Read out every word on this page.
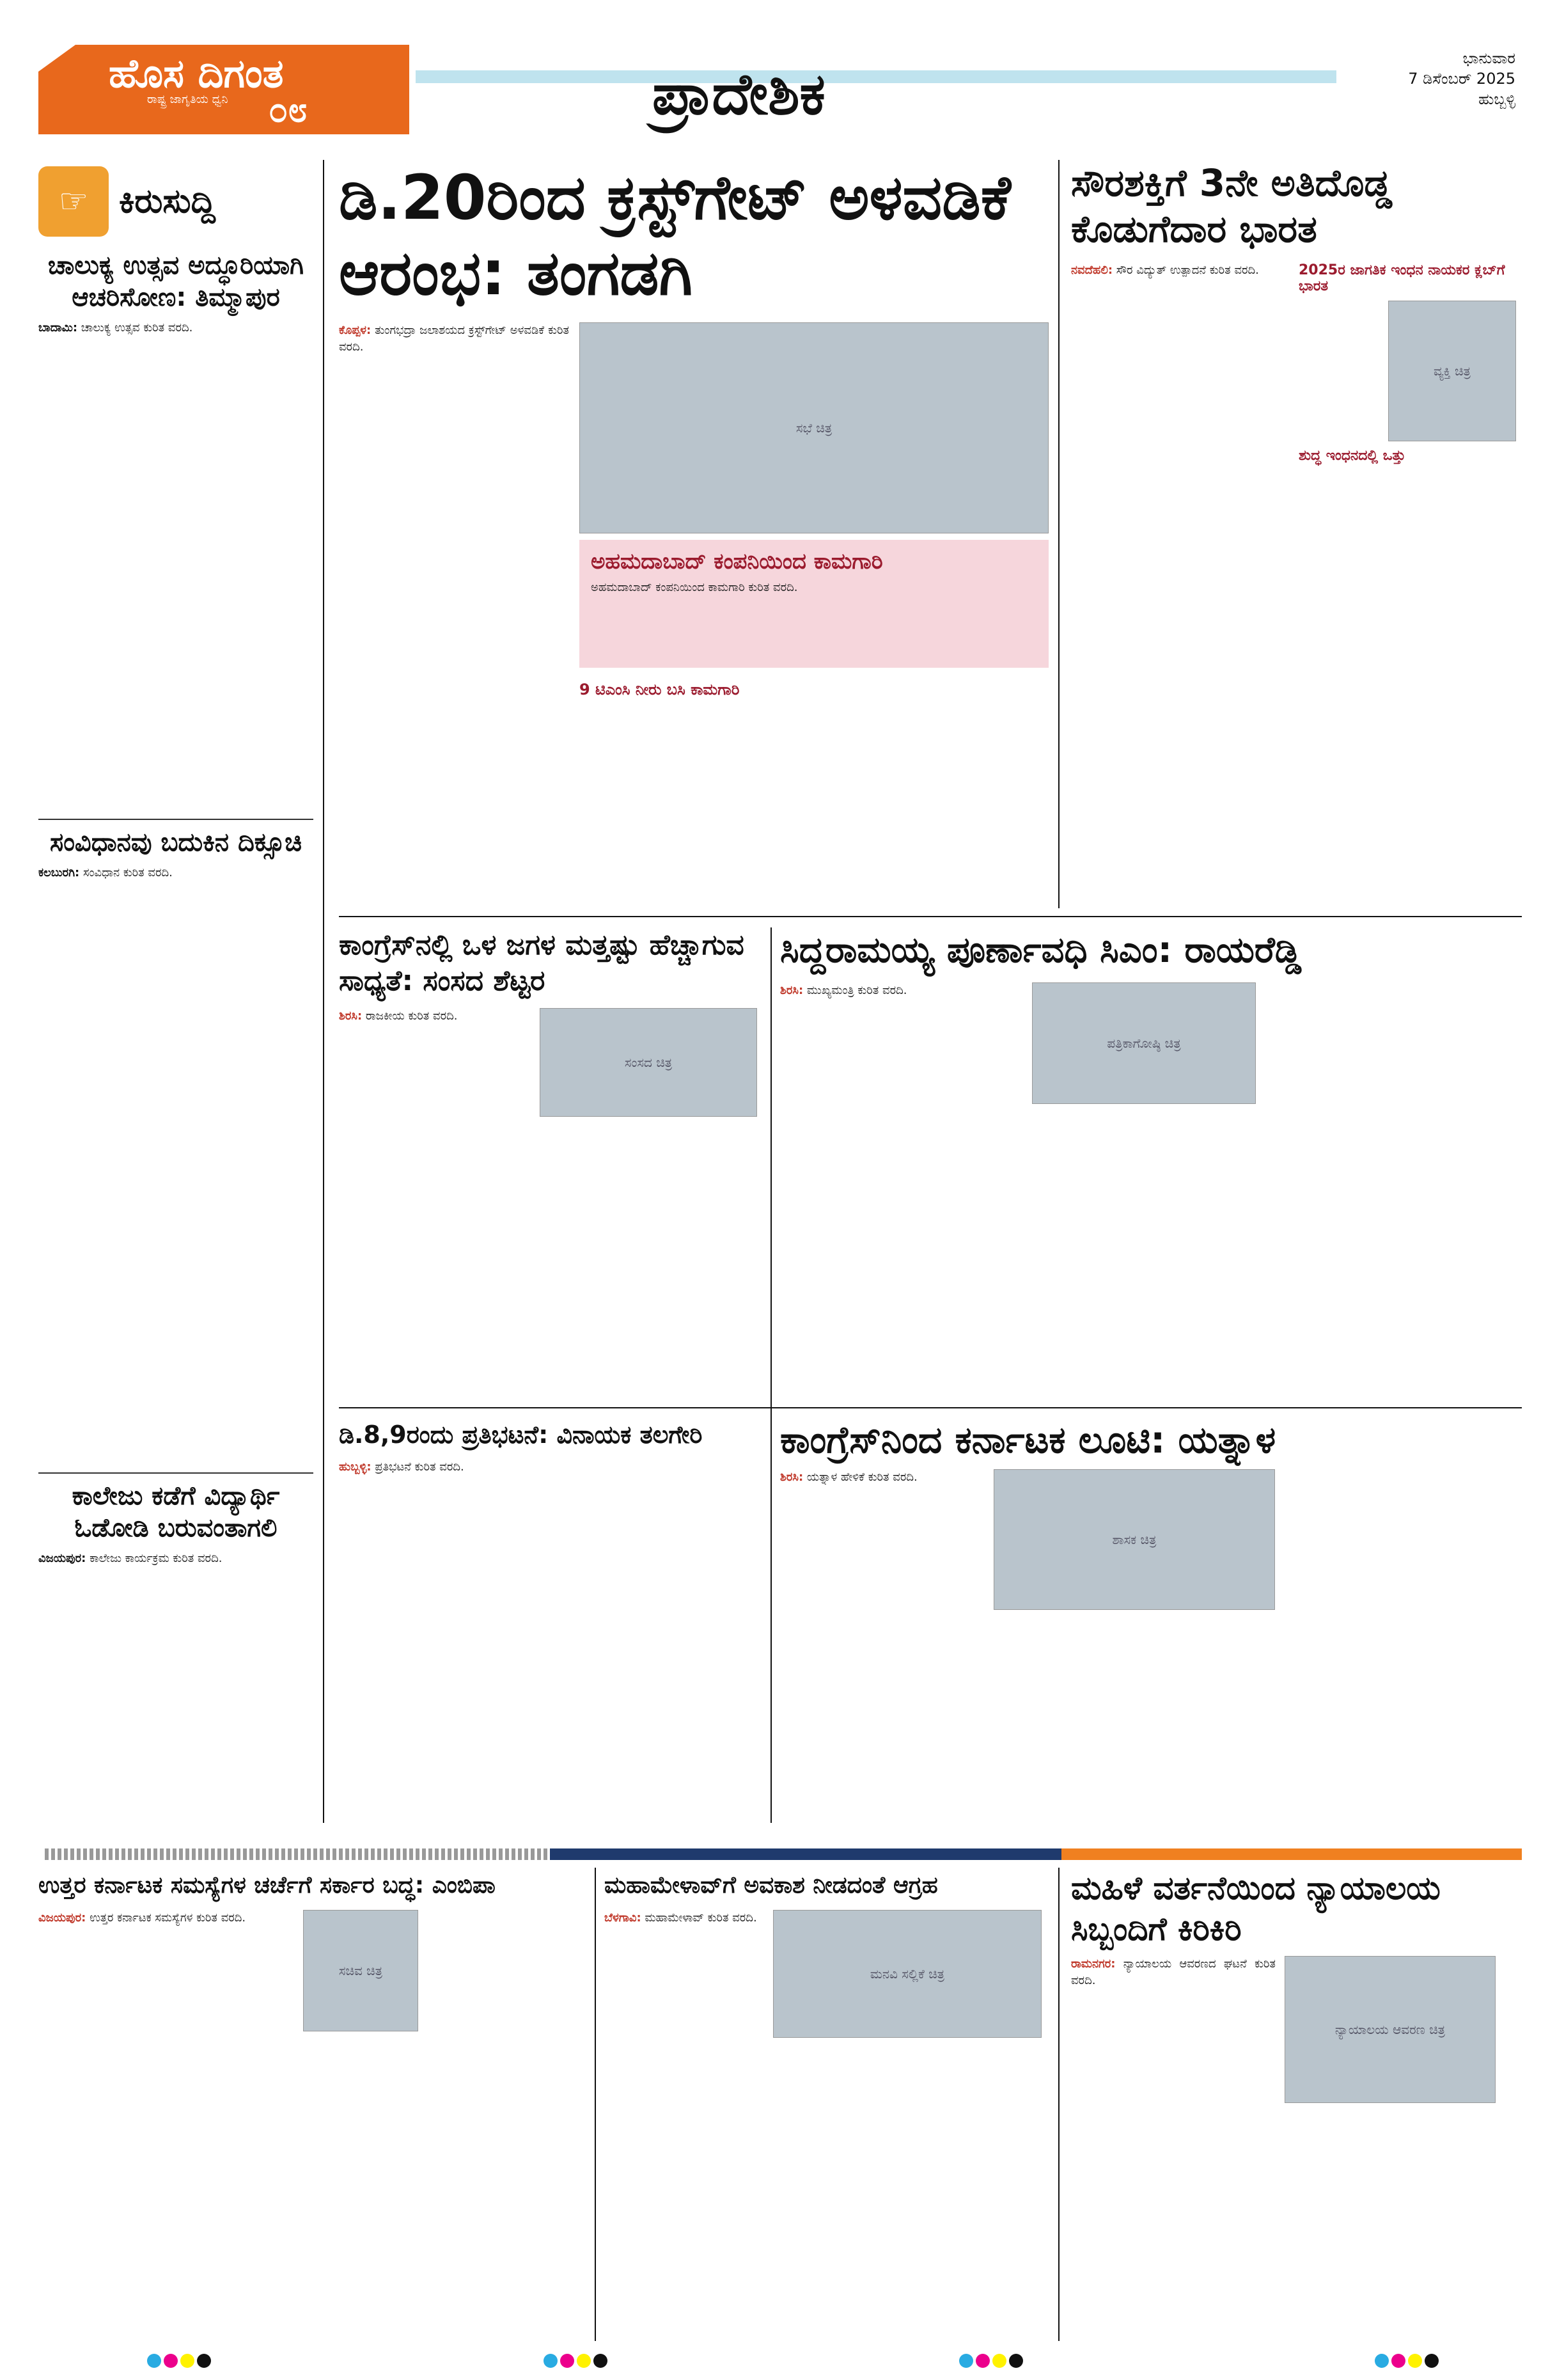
ಹೊಸ ದಿಗಂತ
ರಾಷ್ಟ್ರ ಜಾಗೃತಿಯ ಧ್ವನಿ ೦೮	ಪ್ರಾದೇಶಿಕ
ಭಾನುವಾರ
7 ಡಿಸೆಂಬರ್ 2025
ಹುಬ್ಬಳ್ಳಿ
☞ ಕಿರುಸುದ್ದಿ
ಚಾಲುಕ್ಯ ಉತ್ಸವ ಅದ್ಧೂರಿಯಾಗಿ ಆಚರಿಸೋಣ: ತಿಮ್ಮಾಪುರ
ಬಾದಾಮಿ: ಚಾಲುಕ್ಯ ಉತ್ಸವ ಕುರಿತ ವರದಿ.
ಸಂವಿಧಾನವು ಬದುಕಿನ ದಿಕ್ಸೂಚಿ
ಕಲಬುರಗಿ: ಸಂವಿಧಾನ ಕುರಿತ ವರದಿ.
ಕಾಲೇಜು ಕಡೆಗೆ ವಿದ್ಯಾರ್ಥಿ ಓಡೋಡಿ ಬರುವಂತಾಗಲಿ
ವಿಜಯಪುರ: ಕಾಲೇಜು ಕಾರ್ಯಕ್ರಮ ಕುರಿತ ವರದಿ.
ಡಿ.20ರಿಂದ ಕ್ರಸ್ಟ್‌ಗೇಟ್ ಅಳವಡಿಕೆ ಆರಂಭ: ತಂಗಡಗಿ
ಕೊಪ್ಪಳ: ತುಂಗಭದ್ರಾ ಜಲಾಶಯದ ಕ್ರಸ್ಟ್‌ಗೇಟ್ ಅಳವಡಿಕೆ ಕುರಿತ ವರದಿ.
ಸಭೆ ಚಿತ್ರ
ಅಹಮದಾಬಾದ್ ಕಂಪನಿಯಿಂದ ಕಾಮಗಾರಿ
ಅಹಮದಾಬಾದ್ ಕಂಪನಿಯಿಂದ ಕಾಮಗಾರಿ ಕುರಿತ ವರದಿ.
9 ಟಿಎಂಸಿ ನೀರು ಬಸಿ ಕಾಮಗಾರಿ
ಸೌರಶಕ್ತಿಗೆ 3ನೇ ಅತಿದೊಡ್ಡ ಕೊಡುಗೆದಾರ ಭಾರತ
ನವದೆಹಲಿ: ಸೌರ ವಿದ್ಯುತ್ ಉತ್ಪಾದನೆ ಕುರಿತ ವರದಿ.	2025ರ ಜಾಗತಿಕ ಇಂಧನ ನಾಯಕರ ಕ್ಲಬ್‌ಗೆ ಭಾರತ
ವ್ಯಕ್ತಿ ಚಿತ್ರ
ಶುದ್ಧ ಇಂಧನದಲ್ಲಿ ಒತ್ತು
ಕಾಂಗ್ರೆಸ್‌ನಲ್ಲಿ ಒಳ ಜಗಳ ಮತ್ತಷ್ಟು ಹೆಚ್ಚಾಗುವ ಸಾಧ್ಯತೆ: ಸಂಸದ ಶೆಟ್ಟರ
ಶಿರಸಿ: ರಾಜಕೀಯ ಕುರಿತ ವರದಿ.
ಸಂಸದ ಚಿತ್ರ
ಸಿದ್ದರಾಮಯ್ಯ ಪೂರ್ಣಾವಧಿ ಸಿಎಂ: ರಾಯರೆಡ್ಡಿ
ಶಿರಸಿ: ಮುಖ್ಯಮಂತ್ರಿ ಕುರಿತ ವರದಿ.
ಪತ್ರಿಕಾಗೋಷ್ಠಿ ಚಿತ್ರ
ಡಿ.8,9ರಂದು ಪ್ರತಿಭಟನೆ: ವಿನಾಯಕ ತಲಗೇರಿ
ಹುಬ್ಬಳ್ಳಿ: ಪ್ರತಿಭಟನೆ ಕುರಿತ ವರದಿ.
ಕಾಂಗ್ರೆಸ್‌ನಿಂದ ಕರ್ನಾಟಕ ಲೂಟಿ: ಯತ್ನಾಳ
ಶಿರಸಿ: ಯತ್ನಾಳ ಹೇಳಿಕೆ ಕುರಿತ ವರದಿ.
ಶಾಸಕ ಚಿತ್ರ
ಉತ್ತರ ಕರ್ನಾಟಕ ಸಮಸ್ಯೆಗಳ ಚರ್ಚೆಗೆ ಸರ್ಕಾರ ಬದ್ಧ: ಎಂಬಿಪಾ
ವಿಜಯಪುರ: ಉತ್ತರ ಕರ್ನಾಟಕ ಸಮಸ್ಯೆಗಳ ಕುರಿತ ವರದಿ.
ಸಚಿವ ಚಿತ್ರ
ಮಹಾಮೇಳಾವ್‌ಗೆ ಅವಕಾಶ ನೀಡದಂತೆ ಆಗ್ರಹ
ಬೆಳಗಾವಿ: ಮಹಾಮೇಳಾವ್ ಕುರಿತ ವರದಿ.
ಮನವಿ ಸಲ್ಲಿಕೆ ಚಿತ್ರ
ಮಹಿಳೆ ವರ್ತನೆಯಿಂದ ನ್ಯಾಯಾಲಯ ಸಿಬ್ಬಂದಿಗೆ ಕಿರಿಕಿರಿ
ರಾಮನಗರ: ನ್ಯಾಯಾಲಯ ಆವರಣದ ಘಟನೆ ಕುರಿತ ವರದಿ.
ನ್ಯಾಯಾಲಯ ಆವರಣ ಚಿತ್ರ
